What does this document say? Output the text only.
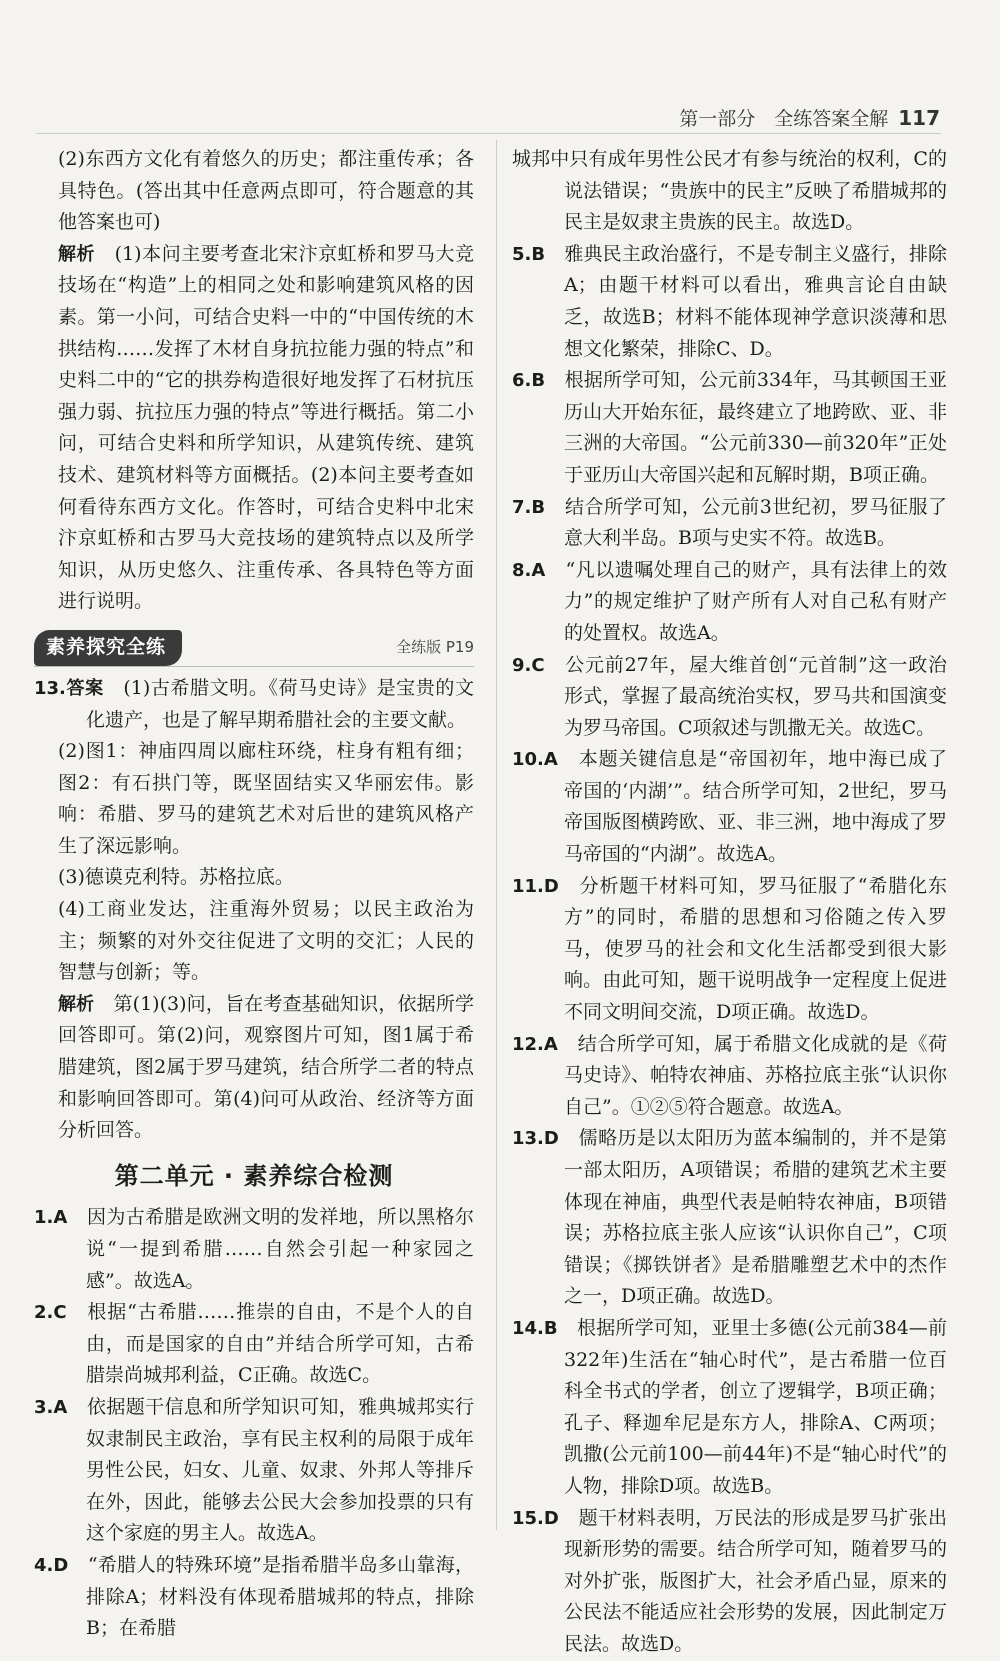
第一部分　全练答案全解 117

(2)东西方文化有着悠久的历史；都注重传承；各具特色。(答出其中任意两点即可，符合题意的其他答案也可)

解析　 (1)本问主要考查北宋汴京虹桥和罗马大竞技场在“构造”上的相同之处和影响建筑风格的因素。第一小问，可结合史料一中的“中国传统的木拱结构……发挥了木材自身抗拉能力强的特点”和史料二中的“它的拱券构造很好地发挥了石材抗压强力弱、抗拉压力强的特点”等进行概括。第二小问，可结合史料和所学知识，从建筑传统、建筑技术、建筑材料等方面概括。(2)本问主要考查如何看待东西方文化。作答时，可结合史料中北宋汴京虹桥和古罗马大竞技场的建筑特点以及所学知识，从历史悠久、注重传承、各具特色等方面进行说明。

素养探究全练	全练版 P19

13.答案　 (1)古希腊文明。《荷马史诗》是宝贵的文化遗产，也是了解早期希腊社会的主要文献。

(2)图1：神庙四周以廊柱环绕，柱身有粗有细；图2：有石拱门等，既坚固结实又华丽宏伟。影响：希腊、罗马的建筑艺术对后世的建筑风格产生了深远影响。

(3)德谟克利特。苏格拉底。

(4)工商业发达，注重海外贸易；以民主政治为主；频繁的对外交往促进了文明的交汇；人民的智慧与创新；等。

解析　 第(1)(3)问，旨在考查基础知识，依据所学回答即可。第(2)问，观察图片可知，图1属于希腊建筑，图2属于罗马建筑，结合所学二者的特点和影响回答即可。第(4)问可从政治、经济等方面分析回答。

第二单元 · 素养综合检测

1.A　 因为古希腊是欧洲文明的发祥地，所以黑格尔说“一提到希腊……自然会引起一种家园之感”。故选A。

2.C　 根据“古希腊……推崇的自由，不是个人的自由，而是国家的自由”并结合所学可知，古希腊崇尚城邦利益，C正确。故选C。

3.A　 依据题干信息和所学知识可知，雅典城邦实行奴隶制民主政治，享有民主权利的局限于成年男性公民，妇女、儿童、奴隶、外邦人等排斥在外，因此，能够去公民大会参加投票的只有这个家庭的男主人。故选A。

4.D　 “希腊人的特殊环境”是指希腊半岛多山靠海，排除A；材料没有体现希腊城邦的特点，排除B；在希腊

城邦中只有成年男性公民才有参与统治的权利，C的说法错误；“贵族中的民主”反映了希腊城邦的民主是奴隶主贵族的民主。故选D。

5.B　 雅典民主政治盛行，不是专制主义盛行，排除A；由题干材料可以看出，雅典言论自由缺乏，故选B；材料不能体现神学意识淡薄和思想文化繁荣，排除C、D。

6.B　 根据所学可知，公元前334年，马其顿国王亚历山大开始东征，最终建立了地跨欧、亚、非三洲的大帝国。“公元前330—前320年”正处于亚历山大帝国兴起和瓦解时期，B项正确。

7.B　 结合所学可知，公元前3世纪初，罗马征服了意大利半岛。B项与史实不符。故选B。

8.A　 “凡以遗嘱处理自己的财产，具有法律上的效力”的规定维护了财产所有人对自己私有财产的处置权。故选A。

9.C　 公元前27年，屋大维首创“元首制”这一政治形式，掌握了最高统治实权，罗马共和国演变为罗马帝国。C项叙述与凯撒无关。故选C。

10.A　 本题关键信息是“帝国初年，地中海已成了帝国的‘内湖’”。结合所学可知，2世纪，罗马帝国版图横跨欧、亚、非三洲，地中海成了罗马帝国的“内湖”。故选A。

11.D　 分析题干材料可知，罗马征服了“希腊化东方”的同时，希腊的思想和习俗随之传入罗马，使罗马的社会和文化生活都受到很大影响。由此可知，题干说明战争一定程度上促进不同文明间交流，D项正确。故选D。

12.A　 结合所学可知，属于希腊文化成就的是《荷马史诗》、帕特农神庙、苏格拉底主张“认识你自己”。①②⑤符合题意。故选A。

13.D　 儒略历是以太阳历为蓝本编制的，并不是第一部太阳历，A项错误；希腊的建筑艺术主要体现在神庙，典型代表是帕特农神庙，B项错误；苏格拉底主张人应该“认识你自己”，C项错误；《掷铁饼者》是希腊雕塑艺术中的杰作之一，D项正确。故选D。

14.B　 根据所学可知，亚里士多德(公元前384—前322年)生活在“轴心时代”，是古希腊一位百科全书式的学者，创立了逻辑学，B项正确；孔子、释迦牟尼是东方人，排除A、C两项；凯撒(公元前100—前44年)不是“轴心时代”的人物，排除D项。故选B。

15.D　 题干材料表明，万民法的形成是罗马扩张出现新形势的需要。结合所学可知，随着罗马的对外扩张，版图扩大，社会矛盾凸显，原来的公民法不能适应社会形势的发展，因此制定万民法。故选D。
